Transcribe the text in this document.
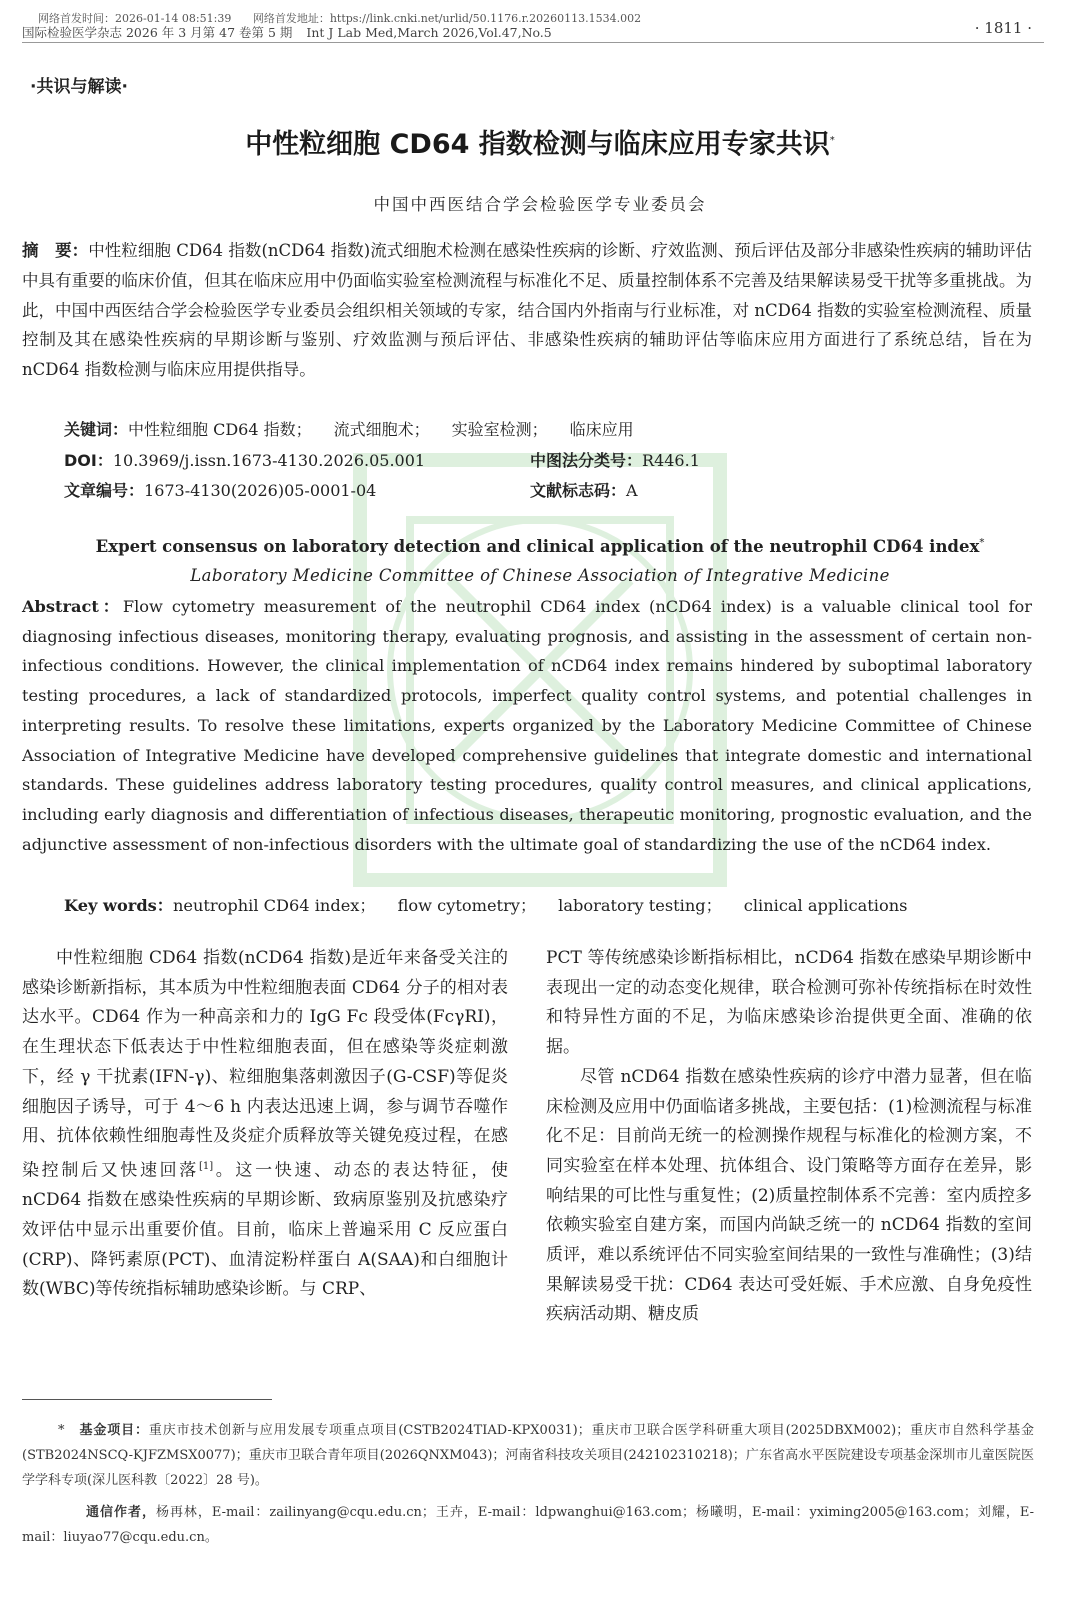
网络首发时间：2026-01-14 08:51:39 网络首发地址：https://link.cnki.net/urlid/50.1176.r.20260113.1534.002
国际检验医学杂志 2026 年 3 月第 47 卷第 5 期 Int J Lab Med,March 2026,Vol.47,No.5	· 1811 ·
·共识与解读·
中性粒细胞 CD64 指数检测与临床应用专家共识*
中国中西医结合学会检验医学专业委员会
摘　要：中性粒细胞 CD64 指数(nCD64 指数)流式细胞术检测在感染性疾病的诊断、疗效监测、预后评估及部分非感染性疾病的辅助评估中具有重要的临床价值，但其在临床应用中仍面临实验室检测流程与标准化不足、质量控制体系不完善及结果解读易受干扰等多重挑战。为此，中国中西医结合学会检验医学专业委员会组织相关领域的专家，结合国内外指南与行业标准，对 nCD64 指数的实验室检测流程、质量控制及其在感染性疾病的早期诊断与鉴别、疗效监测与预后评估、非感染性疾病的辅助评估等临床应用方面进行了系统总结，旨在为 nCD64 指数检测与临床应用提供指导。
关键词：中性粒细胞 CD64 指数； 流式细胞术； 实验室检测； 临床应用
DOI：10.3969/j.issn.1673-4130.2026.05.001	中图法分类号：R446.1
文章编号：1673-4130(2026)05-0001-04	文献标志码：A
Expert consensus on laboratory detection and clinical application of the neutrophil CD64 index*
Laboratory Medicine Committee of Chinese Association of Integrative Medicine
Abstract：Flow cytometry measurement of the neutrophil CD64 index (nCD64 index) is a valuable clinical tool for diagnosing infectious diseases, monitoring therapy, evaluating prognosis, and assisting in the assessment of certain non-infectious conditions. However, the clinical implementation of nCD64 index remains hindered by suboptimal laboratory testing procedures, a lack of standardized protocols, imperfect quality control systems, and potential challenges in interpreting results. To resolve these limitations, experts organized by the Laboratory Medicine Committee of Chinese Association of Integrative Medicine have developed comprehensive guidelines that integrate domestic and international standards. These guidelines address laboratory testing procedures, quality control measures, and clinical applications, including early diagnosis and differentiation of infectious diseases, therapeutic monitoring, prognostic evaluation, and the adjunctive assessment of non-infectious disorders with the ultimate goal of standardizing the use of the nCD64 index.
Key words：neutrophil CD64 index； flow cytometry； laboratory testing； clinical applications

中性粒细胞 CD64 指数(nCD64 指数)是近年来备受关注的感染诊断新指标，其本质为中性粒细胞表面 CD64 分子的相对表达水平。CD64 作为一种高亲和力的 IgG Fc 段受体(FcγRI)，在生理状态下低表达于中性粒细胞表面，但在感染等炎症刺激下，经 γ 干扰素(IFN-γ)、粒细胞集落刺激因子(G-CSF)等促炎细胞因子诱导，可于 4～6 h 内表达迅速上调，参与调节吞噬作用、抗体依赖性细胞毒性及炎症介质释放等关键免疫过程，在感染控制后又快速回落[1]。这一快速、动态的表达特征，使 nCD64 指数在感染性疾病的早期诊断、致病原鉴别及抗感染疗效评估中显示出重要价值。目前，临床上普遍采用 C 反应蛋白(CRP)、降钙素原(PCT)、血清淀粉样蛋白 A(SAA)和白细胞计数(WBC)等传统指标辅助感染诊断。与 CRP、

PCT 等传统感染诊断指标相比，nCD64 指数在感染早期诊断中表现出一定的动态变化规律，联合检测可弥补传统指标在时效性和特异性方面的不足，为临床感染诊治提供更全面、准确的依据。

尽管 nCD64 指数在感染性疾病的诊疗中潜力显著，但在临床检测及应用中仍面临诸多挑战，主要包括：(1)检测流程与标准化不足：目前尚无统一的检测操作规程与标准化的检测方案，不同实验室在样本处理、抗体组合、设门策略等方面存在差异，影响结果的可比性与重复性；(2)质量控制体系不完善：室内质控多依赖实验室自建方案，而国内尚缺乏统一的 nCD64 指数的室间质评，难以系统评估不同实验室间结果的一致性与准确性；(3)结果解读易受干扰：CD64 表达可受妊娠、手术应激、自身免疫性疾病活动期、糖皮质

* 基金项目：重庆市技术创新与应用发展专项重点项目(CSTB2024TIAD-KPX0031)；重庆市卫联合医学科研重大项目(2025DBXM002)；重庆市自然科学基金(STB2024NSCQ-KJFZMSX0077)；重庆市卫联合青年项目(2026QNXM043)；河南省科技攻关项目(242102310218)；广东省高水平医院建设专项基金深圳市儿童医院医学学科专项(深儿医科教〔2022〕28 号)。
通信作者，杨再林，E-mail：zailinyang@cqu.edu.cn；王卉，E-mail：ldpwanghui@163.com；杨曦明，E-mail：yximing2005@163.com；刘耀，E-mail：liuyao77@cqu.edu.cn。
